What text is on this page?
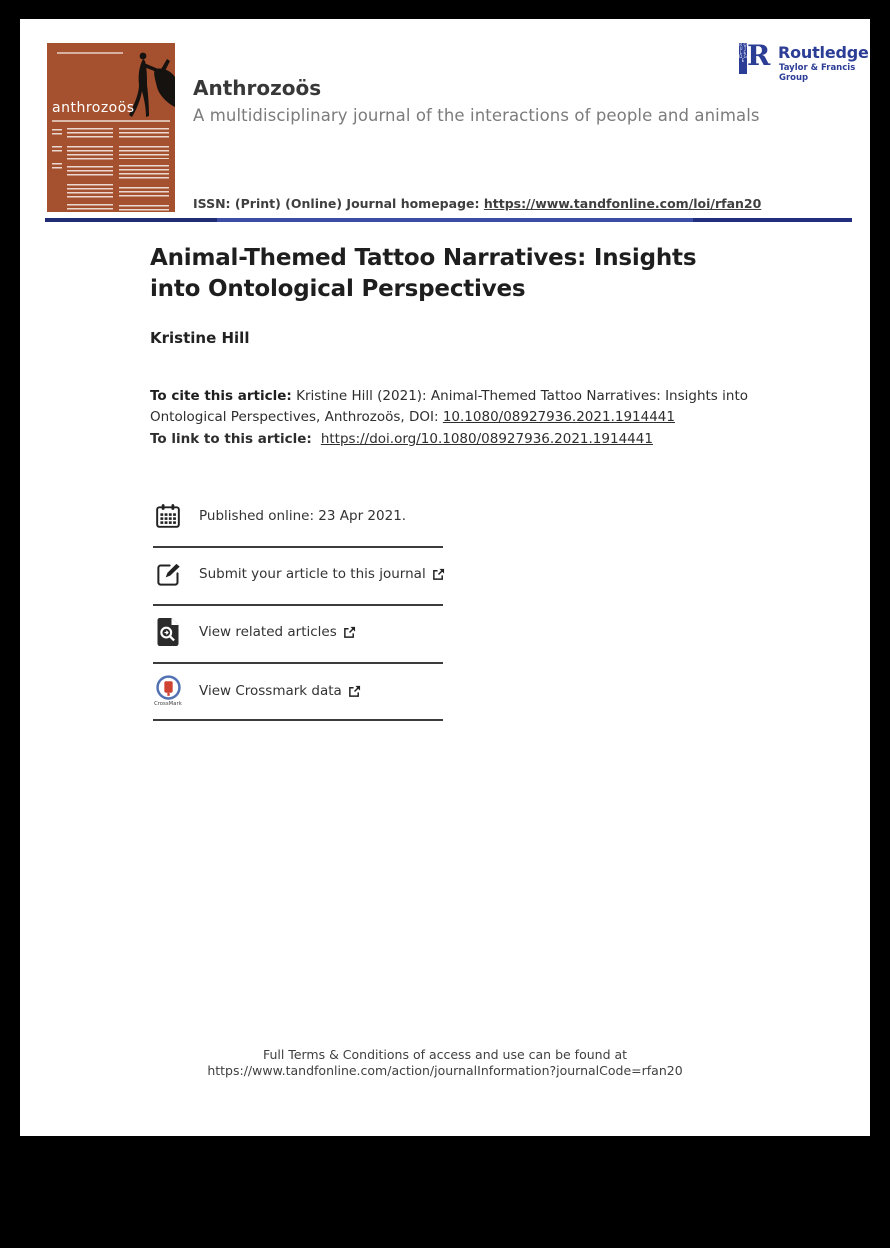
anthrozoös
R O U T L E D G E R Routledge
Taylor & Francis Group
Anthrozoös
A multidisciplinary journal of the interactions of people and animals
ISSN: (Print) (Online) Journal homepage: https://www.tandfonline.com/loi/rfan20
Animal-Themed Tattoo Narratives: Insights into Ontological Perspectives
Kristine Hill

To cite this article: Kristine Hill (2021): Animal-Themed Tattoo Narratives: Insights into Ontological Perspectives, Anthrozoös, DOI: 10.1080/08927936.2021.1914441

To link to this article: https://doi.org/10.1080/08927936.2021.1914441

Published online: 23 Apr 2021.
Submit your article to this journal
View related articles
CrossMark
View Crossmark data
Full Terms & Conditions of access and use can be found at
https://www.tandfonline.com/action/journalInformation?journalCode=rfan20
